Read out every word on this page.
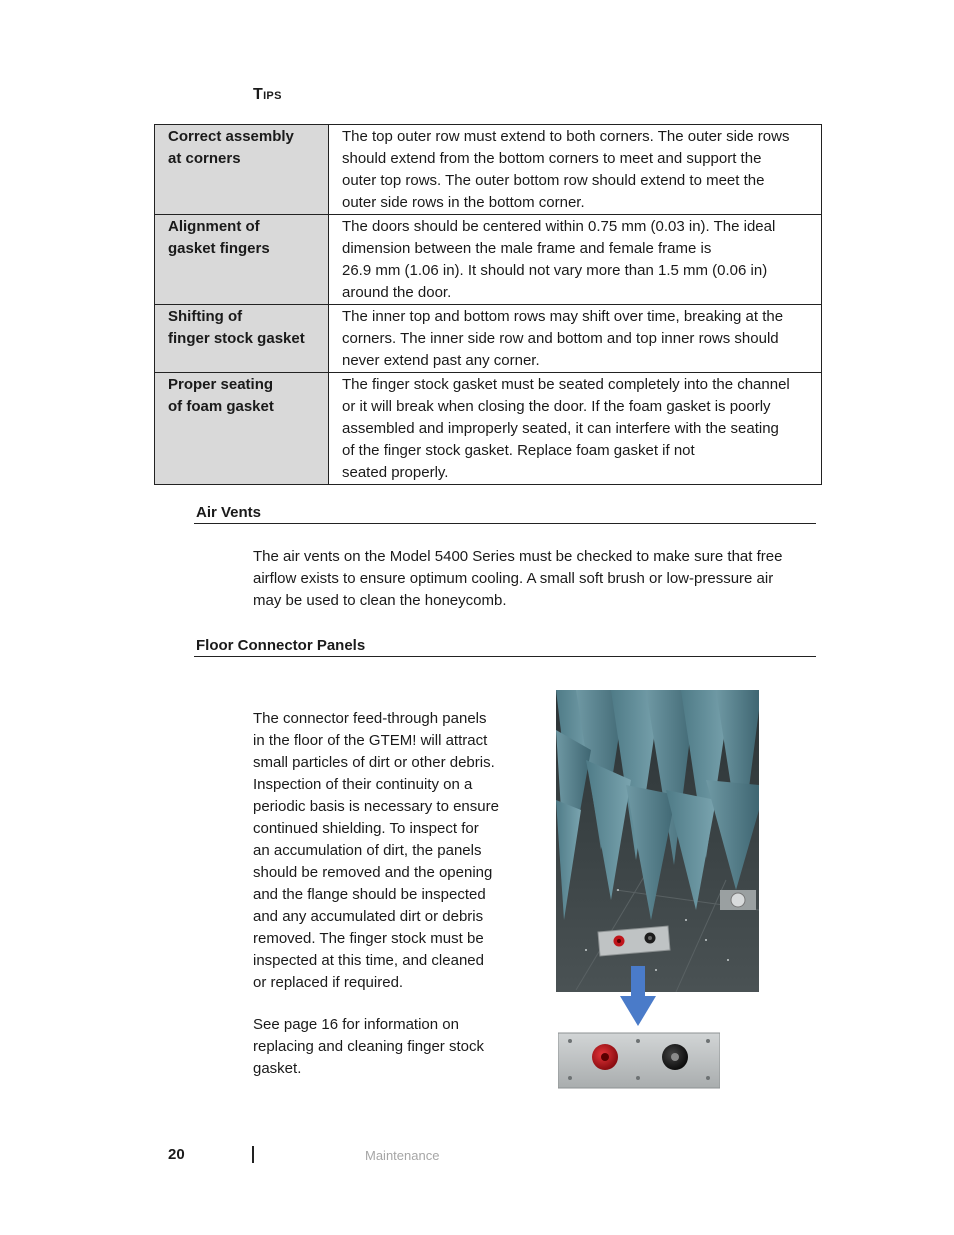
Tips
Correct assembly
at corners	The top outer row must extend to both corners. The outer side rows
should extend from the bottom corners to meet and support the
outer top rows. The outer bottom row should extend to meet the
outer side rows in the bottom corner.
Alignment of
gasket fingers	The doors should be centered within 0.75 mm (0.03 in). The ideal
dimension between the male frame and female frame is
26.9 mm (1.06 in). It should not vary more than 1.5 mm (0.06 in)
around the door.
Shifting of
finger stock gasket	The inner top and bottom rows may shift over time, breaking at the
corners. The inner side row and bottom and top inner rows should
never extend past any corner.
Proper seating
of foam gasket	The finger stock gasket must be seated completely into the channel
or it will break when closing the door. If the foam gasket is poorly
assembled and improperly seated, it can interfere with the seating
of the finger stock gasket. Replace foam gasket if not
seated properly.
Air Vents
The air vents on the Model 5400 Series must be checked to make sure that free
airflow exists to ensure optimum cooling. A small soft brush or low-pressure air
may be used to clean the honeycomb.
Floor Connector Panels
The connector feed-through panels
in the floor of the GTEM! will attract
small particles of dirt or other debris.
Inspection of their continuity on a
periodic basis is necessary to ensure
continued shielding. To inspect for
an accumulation of dirt, the panels
should be removed and the opening
and the flange should be inspected
and any accumulated dirt or debris
removed. The finger stock must be
inspected at this time, and cleaned
or replaced if required.
See page 16 for information on
replacing and cleaning finger stock
gasket.
20	Maintenance
